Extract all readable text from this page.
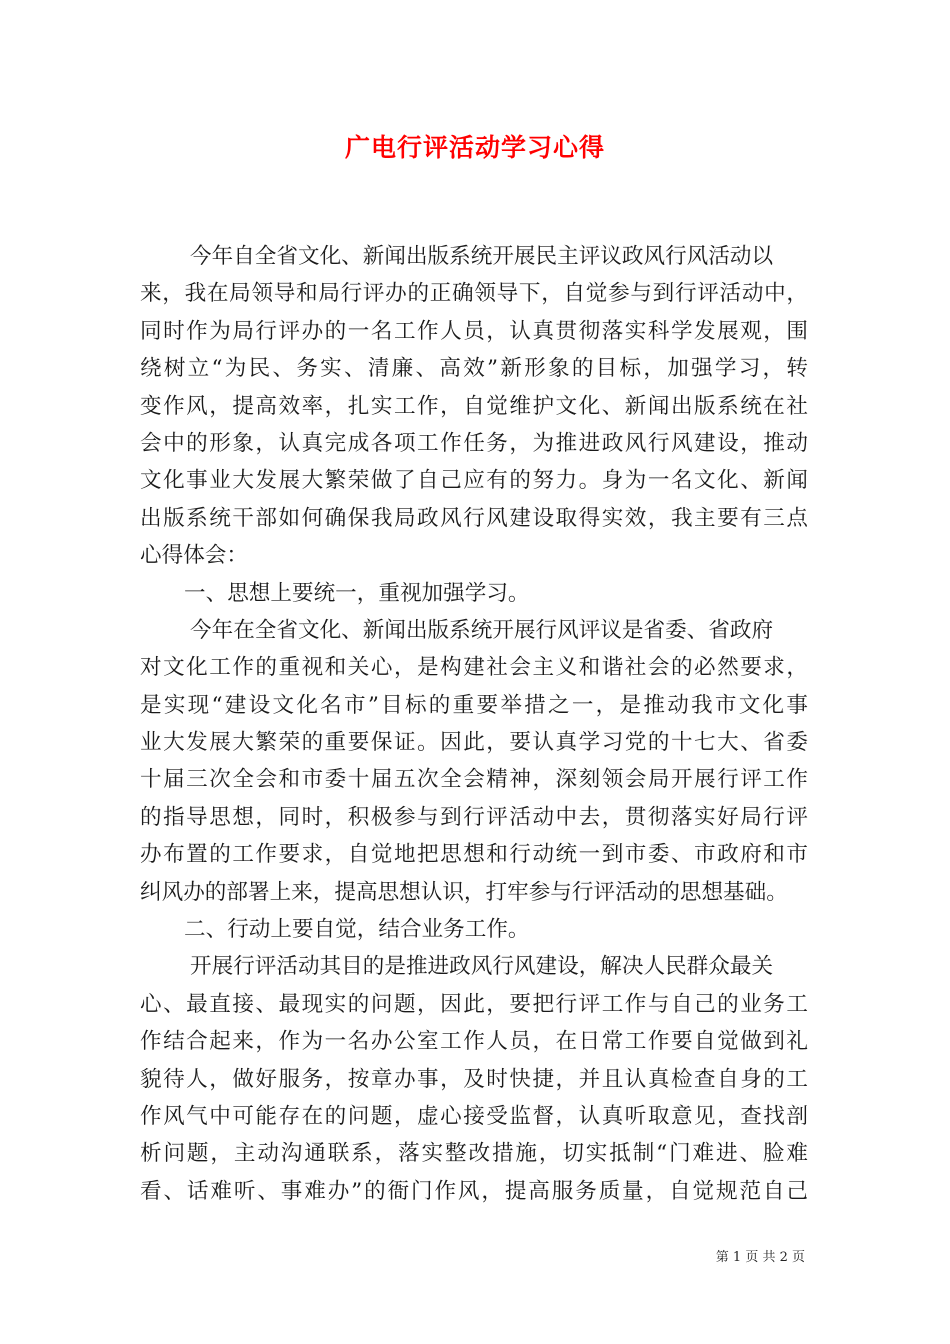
广电行评活动学习心得
今年自全省文化、新闻出版系统开展民主评议政风行风活动以
来，我在局领导和局行评办的正确领导下，自觉参与到行评活动中，
同时作为局行评办的一名工作人员，认真贯彻落实科学发展观，围
绕树立“为民、务实、清廉、高效”新形象的目标，加强学习，转
变作风，提高效率，扎实工作，自觉维护文化、新闻出版系统在社
会中的形象，认真完成各项工作任务，为推进政风行风建设，推动
文化事业大发展大繁荣做了自己应有的努力。身为一名文化、新闻
出版系统干部如何确保我局政风行风建设取得实效，我主要有三点
心得体会：
一、思想上要统一，重视加强学习。
今年在全省文化、新闻出版系统开展行风评议是省委、省政府
对文化工作的重视和关心，是构建社会主义和谐社会的必然要求，
是实现“建设文化名市”目标的重要举措之一，是推动我市文化事
业大发展大繁荣的重要保证。因此，要认真学习党的十七大、省委
十届三次全会和市委十届五次全会精神，深刻领会局开展行评工作
的指导思想，同时，积极参与到行评活动中去，贯彻落实好局行评
办布置的工作要求，自觉地把思想和行动统一到市委、市政府和市
纠风办的部署上来，提高思想认识，打牢参与行评活动的思想基础。
二、行动上要自觉，结合业务工作。
开展行评活动其目的是推进政风行风建设，解决人民群众最关
心、最直接、最现实的问题，因此，要把行评工作与自己的业务工
作结合起来，作为一名办公室工作人员，在日常工作要自觉做到礼
貌待人，做好服务，按章办事，及时快捷，并且认真检查自身的工
作风气中可能存在的问题，虚心接受监督，认真听取意见，查找剖
析问题，主动沟通联系，落实整改措施，切实抵制“门难进、脸难
看、话难听、事难办”的衙门作风，提高服务质量，自觉规范自己
第 1 页 共 2 页
